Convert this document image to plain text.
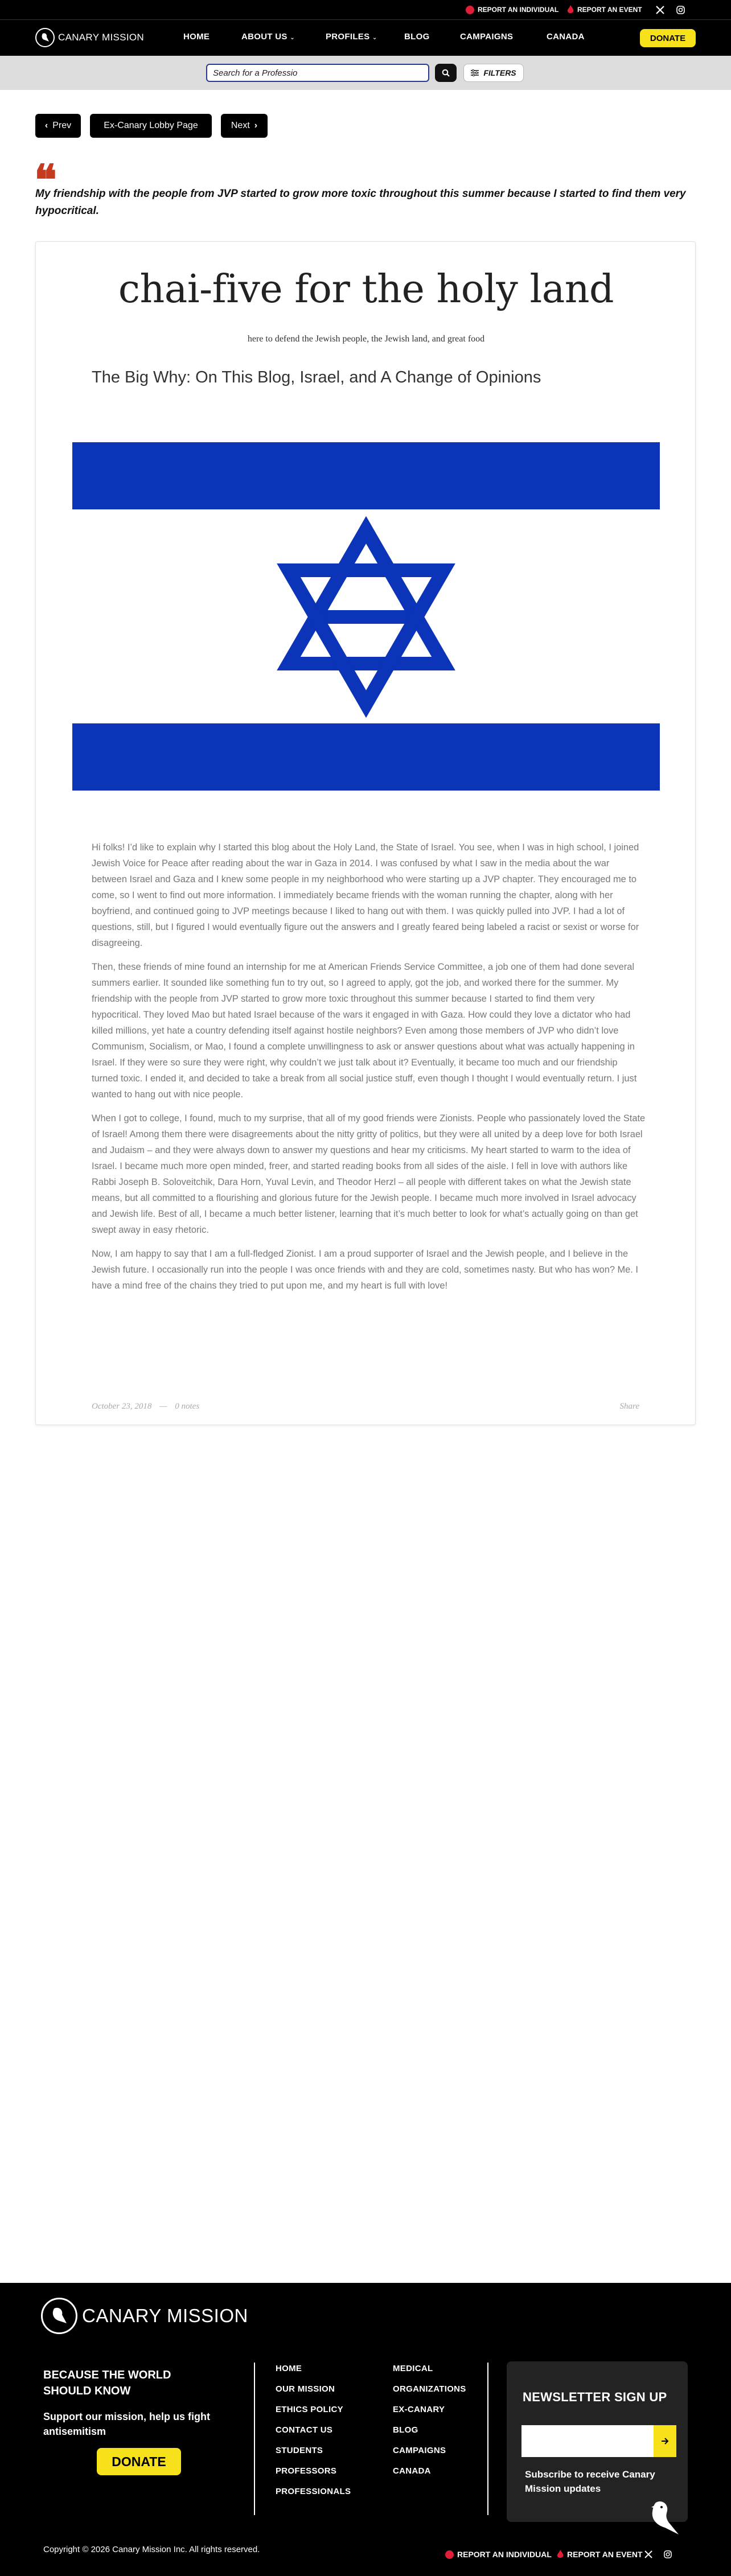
REPORT AN INDIVIDUAL	REPORT AN EVENT
CANARY MISSION	HOME	ABOUT US ⌄	PROFILES ⌄	BLOG	CAMPAIGNS	CANADA	DONATE
Search for a Professio
FILTERS
‹ Prev	Ex-Canary Lobby Page	Next ›
❝
My friendship with the people from JVP started to grow more toxic throughout this summer because I started to find them very hypocritical.
chai-five for the holy land
here to defend the Jewish people, the Jewish land, and great food
The Big Why: On This Blog, Israel, and A Change of Opinions

Hi folks! I’d like to explain why I started this blog about the Holy Land, the State of Israel. You see, when I was in high school, I joined Jewish Voice for Peace after reading about the war in Gaza in 2014. I was confused by what I saw in the media about the war between Israel and Gaza and I knew some people in my neighborhood who were starting up a JVP chapter. They encouraged me to come, so I went to find out more information. I immediately became friends with the woman running the chapter, along with her boyfriend, and continued going to JVP meetings because I liked to hang out with them. I was quickly pulled into JVP. I had a lot of questions, still, but I figured I would eventually figure out the answers and I greatly feared being labeled a racist or sexist or worse for disagreeing.

Then, these friends of mine found an internship for me at American Friends Service Committee, a job one of them had done several summers earlier. It sounded like something fun to try out, so I agreed to apply, got the job, and worked there for the summer. My friendship with the people from JVP started to grow more toxic throughout this summer because I started to find them very hypocritical. They loved Mao but hated Israel because of the wars it engaged in with Gaza. How could they love a dictator who had killed millions, yet hate a country defending itself against hostile neighbors? Even among those members of JVP who didn’t love Communism, Socialism, or Mao, I found a complete unwillingness to ask or answer questions about what was actually happening in Israel. If they were so sure they were right, why couldn’t we just talk about it? Eventually, it became too much and our friendship turned toxic. I ended it, and decided to take a break from all social justice stuff, even though I thought I would eventually return. I just wanted to hang out with nice people.

When I got to college, I found, much to my surprise, that all of my good friends were Zionists. People who passionately loved the State of Israel! Among them there were disagreements about the nitty gritty of politics, but they were all united by a deep love for both Israel and Judaism – and they were always down to answer my questions and hear my criticisms. My heart started to warm to the idea of Israel. I became much more open minded, freer, and started reading books from all sides of the aisle. I fell in love with authors like Rabbi Joseph B. Soloveitchik, Dara Horn, Yuval Levin, and Theodor Herzl – all people with different takes on what the Jewish state means, but all committed to a flourishing and glorious future for the Jewish people. I became much more involved in Israel advocacy and Jewish life. Best of all, I became a much better listener, learning that it’s much better to look for what’s actually going on than get swept away in easy rhetoric.

Now, I am happy to say that I am a full-fledged Zionist. I am a proud supporter of Israel and the Jewish people, and I believe in the Jewish future. I occasionally run into the people I was once friends with and they are cold, sometimes nasty. But who has won? Me. I have a mind free of the chains they tried to put upon me, and my heart is full with love!

October 23, 2018 — 0 notes	Share
CANARY MISSION
BECAUSE THE WORLD SHOULD KNOW
Support our mission, help us fight antisemitism
DONATE
HOME
OUR MISSION
ETHICS POLICY
CONTACT US
STUDENTS
PROFESSORS
PROFESSIONALS
MEDICAL
ORGANIZATIONS
EX-CANARY
BLOG
CAMPAIGNS
CANADA
NEWSLETTER SIGN UP
Subscribe to receive Canary Mission updates
Copyright © 2026 Canary Mission Inc. All rights reserved.	REPORT AN INDIVIDUAL REPORT AN EVENT
